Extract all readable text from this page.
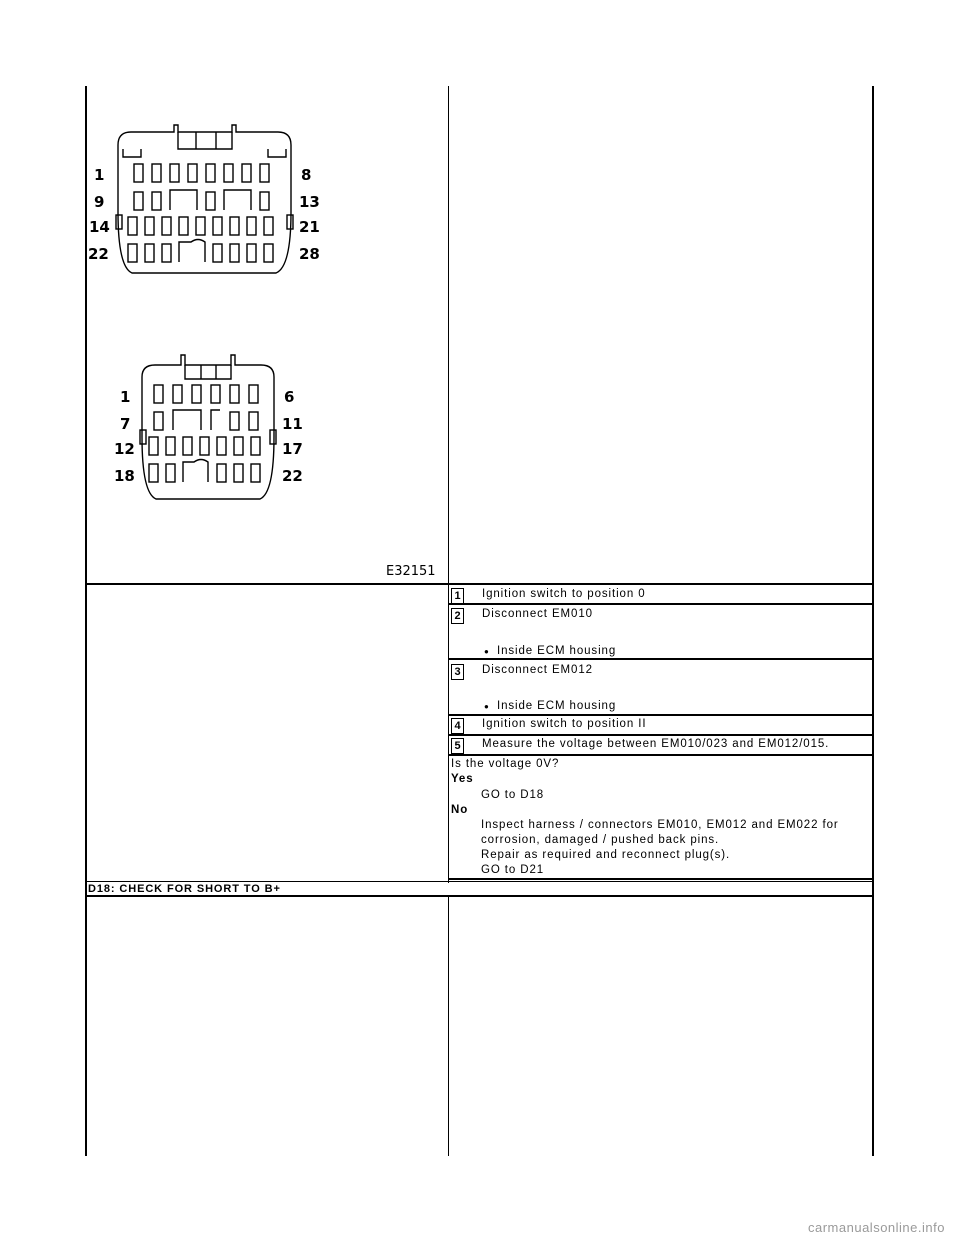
1
9
14
22
8
13
21
28
1
7
12
18
6
11
17
22
E32151
1 Ignition switch to position 0
2 Disconnect EM010
● Inside ECM housing
3 Disconnect EM012
● Inside ECM housing
4 Ignition switch to position II
5 Measure the voltage between EM010/023 and EM012/015.
Is the voltage 0V?
Yes
GO to D18
No
Inspect harness / connectors EM010, EM012 and EM022 for
corrosion, damaged / pushed back pins.
Repair as required and reconnect plug(s).
GO to D21
D18: CHECK FOR SHORT TO B+
carmanualsonline.info
